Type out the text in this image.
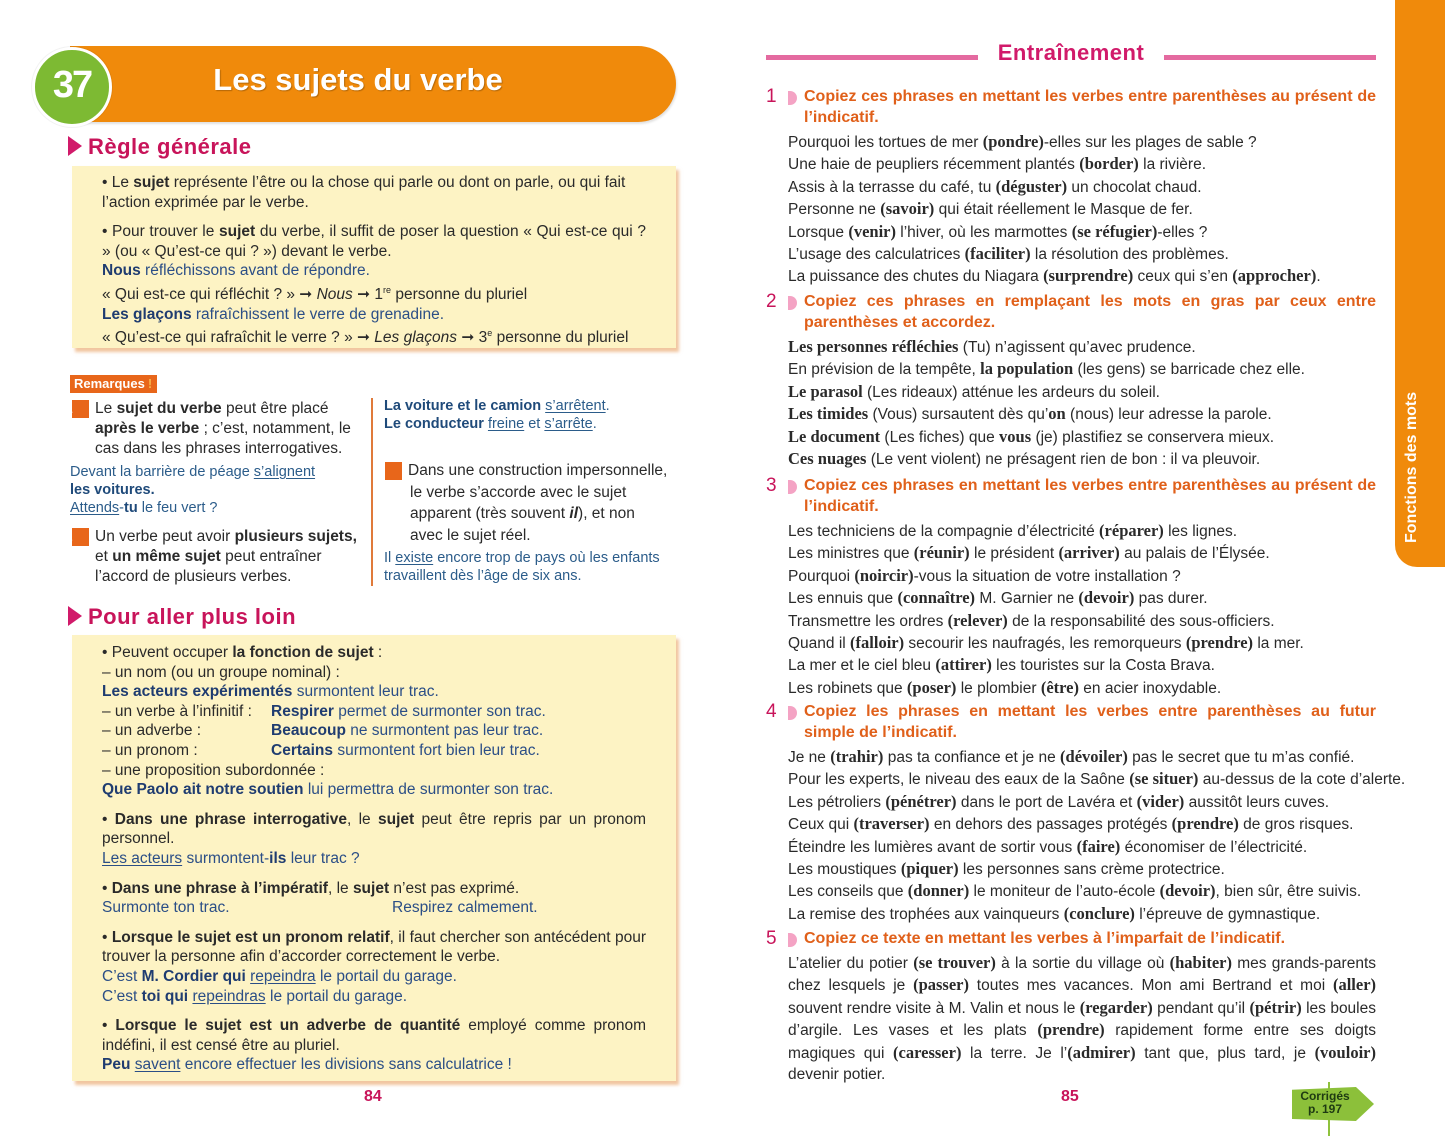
Les sujets du verbe
37
Règle générale

• Le sujet représente l’être ou la chose qui parle ou dont on parle, ou qui fait l’action exprimée par le verbe.

• Pour trouver le sujet du verbe, il suffit de poser la question « Qui est-ce qui ? » (ou « Qu’est-ce qui ? ») devant le verbe.
Nous réfléchissons avant de répondre.
« Qui est-ce qui réfléchit ? » ➞ Nous ➞ 1re personne du pluriel
Les glaçons rafraîchissent le verre de grenadine.
« Qu’est-ce qui rafraîchit le verre ? » ➞ Les glaçons ➞ 3e personne du pluriel

Remarques !

1 Le sujet du verbe peut être placé après le verbe ; c’est, notamment, le cas dans les phrases interrogatives.

Devant la barrière de péage s’alignent
les voitures.
Attends-tu le feu vert ?

2 Un verbe peut avoir plusieurs sujets, et un même sujet peut entraîner l’accord de plusieurs verbes.

La voiture et le camion s’arrêtent.
Le conducteur freine et s’arrête.

3 Dans une construction impersonnelle, le verbe s’accorde avec le sujet apparent (très souvent il), et non avec le sujet réel.

Il existe encore trop de pays où les enfants travaillent dès l’âge de six ans.

Pour aller plus loin

• Peuvent occuper la fonction de sujet :
– un nom (ou un groupe nominal) :
Les acteurs expérimentés surmontent leur trac.
– un verbe à l’infinitif : Respirer permet de surmonter son trac.
– un adverbe :	Beaucoup ne surmontent pas leur trac.
– un pronom :	Certains surmontent fort bien leur trac.
– une proposition subordonnée :
Que Paolo ait notre soutien lui permettra de surmonter son trac.

• Dans une phrase interrogative, le sujet peut être repris par un pronom personnel.
Les acteurs surmontent-ils leur trac ?

• Dans une phrase à l’impératif, le sujet n’est pas exprimé.
Surmonte ton trac.	Respirez calmement.

• Lorsque le sujet est un pronom relatif, il faut chercher son antécédent pour trouver la personne afin d’accorder correctement le verbe.
C’est M. Cordier qui repeindra le portail du garage.
C’est toi qui repeindras le portail du garage.

• Lorsque le sujet est un adverbe de quantité employé comme pronom indéfini, il est censé être au pluriel.
Peu savent encore effectuer les divisions sans calculatrice !

84
Entraînement
1	Copiez ces phrases en mettant les verbes entre parenthèses au présent de l’indicatif.
Pourquoi les tortues de mer (pondre)-elles sur les plages de sable ?
Une haie de peupliers récemment plantés (border) la rivière.
Assis à la terrasse du café, tu (déguster) un chocolat chaud.
Personne ne (savoir) qui était réellement le Masque de fer.
Lorsque (venir) l’hiver, où les marmottes (se réfugier)-elles ?
L’usage des calculatrices (faciliter) la résolution des problèmes.
La puissance des chutes du Niagara (surprendre) ceux qui s’en (approcher).
2	Copiez ces phrases en remplaçant les mots en gras par ceux entre parenthèses et accordez.
Les personnes réfléchies (Tu) n’agissent qu’avec prudence.
En prévision de la tempête, la population (les gens) se barricade chez elle.
Le parasol (Les rideaux) atténue les ardeurs du soleil.
Les timides (Vous) sursautent dès qu’on (nous) leur adresse la parole.
Le document (Les fiches) que vous (je) plastifiez se conservera mieux.
Ces nuages (Le vent violent) ne présagent rien de bon : il va pleuvoir.
3	Copiez ces phrases en mettant les verbes entre parenthèses au présent de l’indicatif.
Les techniciens de la compagnie d’électricité (réparer) les lignes.
Les ministres que (réunir) le président (arriver) au palais de l’Élysée.
Pourquoi (noircir)-vous la situation de votre installation ?
Les ennuis que (connaître) M. Garnier ne (devoir) pas durer.
Transmettre les ordres (relever) de la responsabilité des sous-officiers.
Quand il (falloir) secourir les naufragés, les remorqueurs (prendre) la mer.
La mer et le ciel bleu (attirer) les touristes sur la Costa Brava.
Les robinets que (poser) le plombier (être) en acier inoxydable.
4	Copiez les phrases en mettant les verbes entre parenthèses au futur simple de l’indicatif.
Je ne (trahir) pas ta confiance et je ne (dévoiler) pas le secret que tu m’as confié.
Pour les experts, le niveau des eaux de la Saône (se situer) au-dessus de la cote d’alerte.
Les pétroliers (pénétrer) dans le port de Lavéra et (vider) aussitôt leurs cuves.
Ceux qui (traverser) en dehors des passages protégés (prendre) de gros risques.
Éteindre les lumières avant de sortir vous (faire) économiser de l’électricité.
Les moustiques (piquer) les personnes sans crème protectrice.
Les conseils que (donner) le moniteur de l’auto-école (devoir), bien sûr, être suivis.
La remise des trophées aux vainqueurs (conclure) l’épreuve de gymnastique.
5	Copiez ce texte en mettant les verbes à l’imparfait de l’indicatif.
L’atelier du potier (se trouver) à la sortie du village où (habiter) mes grands-parents chez lesquels je (passer) toutes mes vacances. Mon ami Bertrand et moi (aller) souvent rendre visite à M. Valin et nous le (regarder) pendant qu’il (pétrir) les boules d’argile. Les vases et les plats (prendre) rapidement forme entre ses doigts magiques qui (caresser) la terre. Je l’(admirer) tant que, plus tard, je (vouloir) devenir potier.
85
Fonctions des mots
Corrigés
p. 197
